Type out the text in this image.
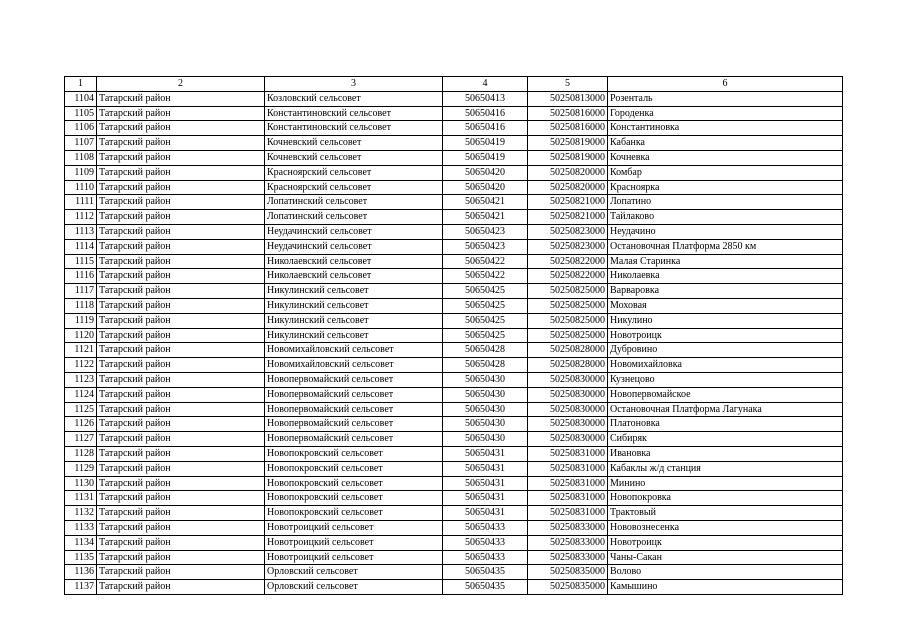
1	2	3	4	5	6
1104	Татарский район	Козловский сельсовет	50650413	50250813000	Розенталь
1105	Татарский район	Константиновский сельсовет	50650416	50250816000	Городенка
1106	Татарский район	Константиновский сельсовет	50650416	50250816000	Константиновка
1107	Татарский район	Кочневский сельсовет	50650419	50250819000	Кабанка
1108	Татарский район	Кочневский сельсовет	50650419	50250819000	Кочневка
1109	Татарский район	Красноярский сельсовет	50650420	50250820000	Комбар
1110	Татарский район	Красноярский сельсовет	50650420	50250820000	Красноярка
1111	Татарский район	Лопатинский сельсовет	50650421	50250821000	Лопатино
1112	Татарский район	Лопатинский сельсовет	50650421	50250821000	Тайлаково
1113	Татарский район	Неудачинский сельсовет	50650423	50250823000	Неудачино
1114	Татарский район	Неудачинский сельсовет	50650423	50250823000	Остановочная Платформа 2850 км
1115	Татарский район	Николаевский сельсовет	50650422	50250822000	Малая Старинка
1116	Татарский район	Николаевский сельсовет	50650422	50250822000	Николаевка
1117	Татарский район	Никулинский сельсовет	50650425	50250825000	Варваровка
1118	Татарский район	Никулинский сельсовет	50650425	50250825000	Моховая
1119	Татарский район	Никулинский сельсовет	50650425	50250825000	Никулино
1120	Татарский район	Никулинский сельсовет	50650425	50250825000	Новотроицк
1121	Татарский район	Новомихайловский сельсовет	50650428	50250828000	Дубровино
1122	Татарский район	Новомихайловский сельсовет	50650428	50250828000	Новомихайловка
1123	Татарский район	Новопервомайский сельсовет	50650430	50250830000	Кузнецово
1124	Татарский район	Новопервомайский сельсовет	50650430	50250830000	Новопервомайское
1125	Татарский район	Новопервомайский сельсовет	50650430	50250830000	Остановочная Платформа Лагунака
1126	Татарский район	Новопервомайский сельсовет	50650430	50250830000	Платоновка
1127	Татарский район	Новопервомайский сельсовет	50650430	50250830000	Сибиряк
1128	Татарский район	Новопокровский сельсовет	50650431	50250831000	Ивановка
1129	Татарский район	Новопокровский сельсовет	50650431	50250831000	Кабаклы ж/д станция
1130	Татарский район	Новопокровский сельсовет	50650431	50250831000	Минино
1131	Татарский район	Новопокровский сельсовет	50650431	50250831000	Новопокровка
1132	Татарский район	Новопокровский сельсовет	50650431	50250831000	Трактовый
1133	Татарский район	Новотроицкий сельсовет	50650433	50250833000	Нововознесенка
1134	Татарский район	Новотроицкий сельсовет	50650433	50250833000	Новотроицк
1135	Татарский район	Новотроицкий сельсовет	50650433	50250833000	Чаны-Сакан
1136	Татарский район	Орловский сельсовет	50650435	50250835000	Волово
1137	Татарский район	Орловский сельсовет	50650435	50250835000	Камышино
